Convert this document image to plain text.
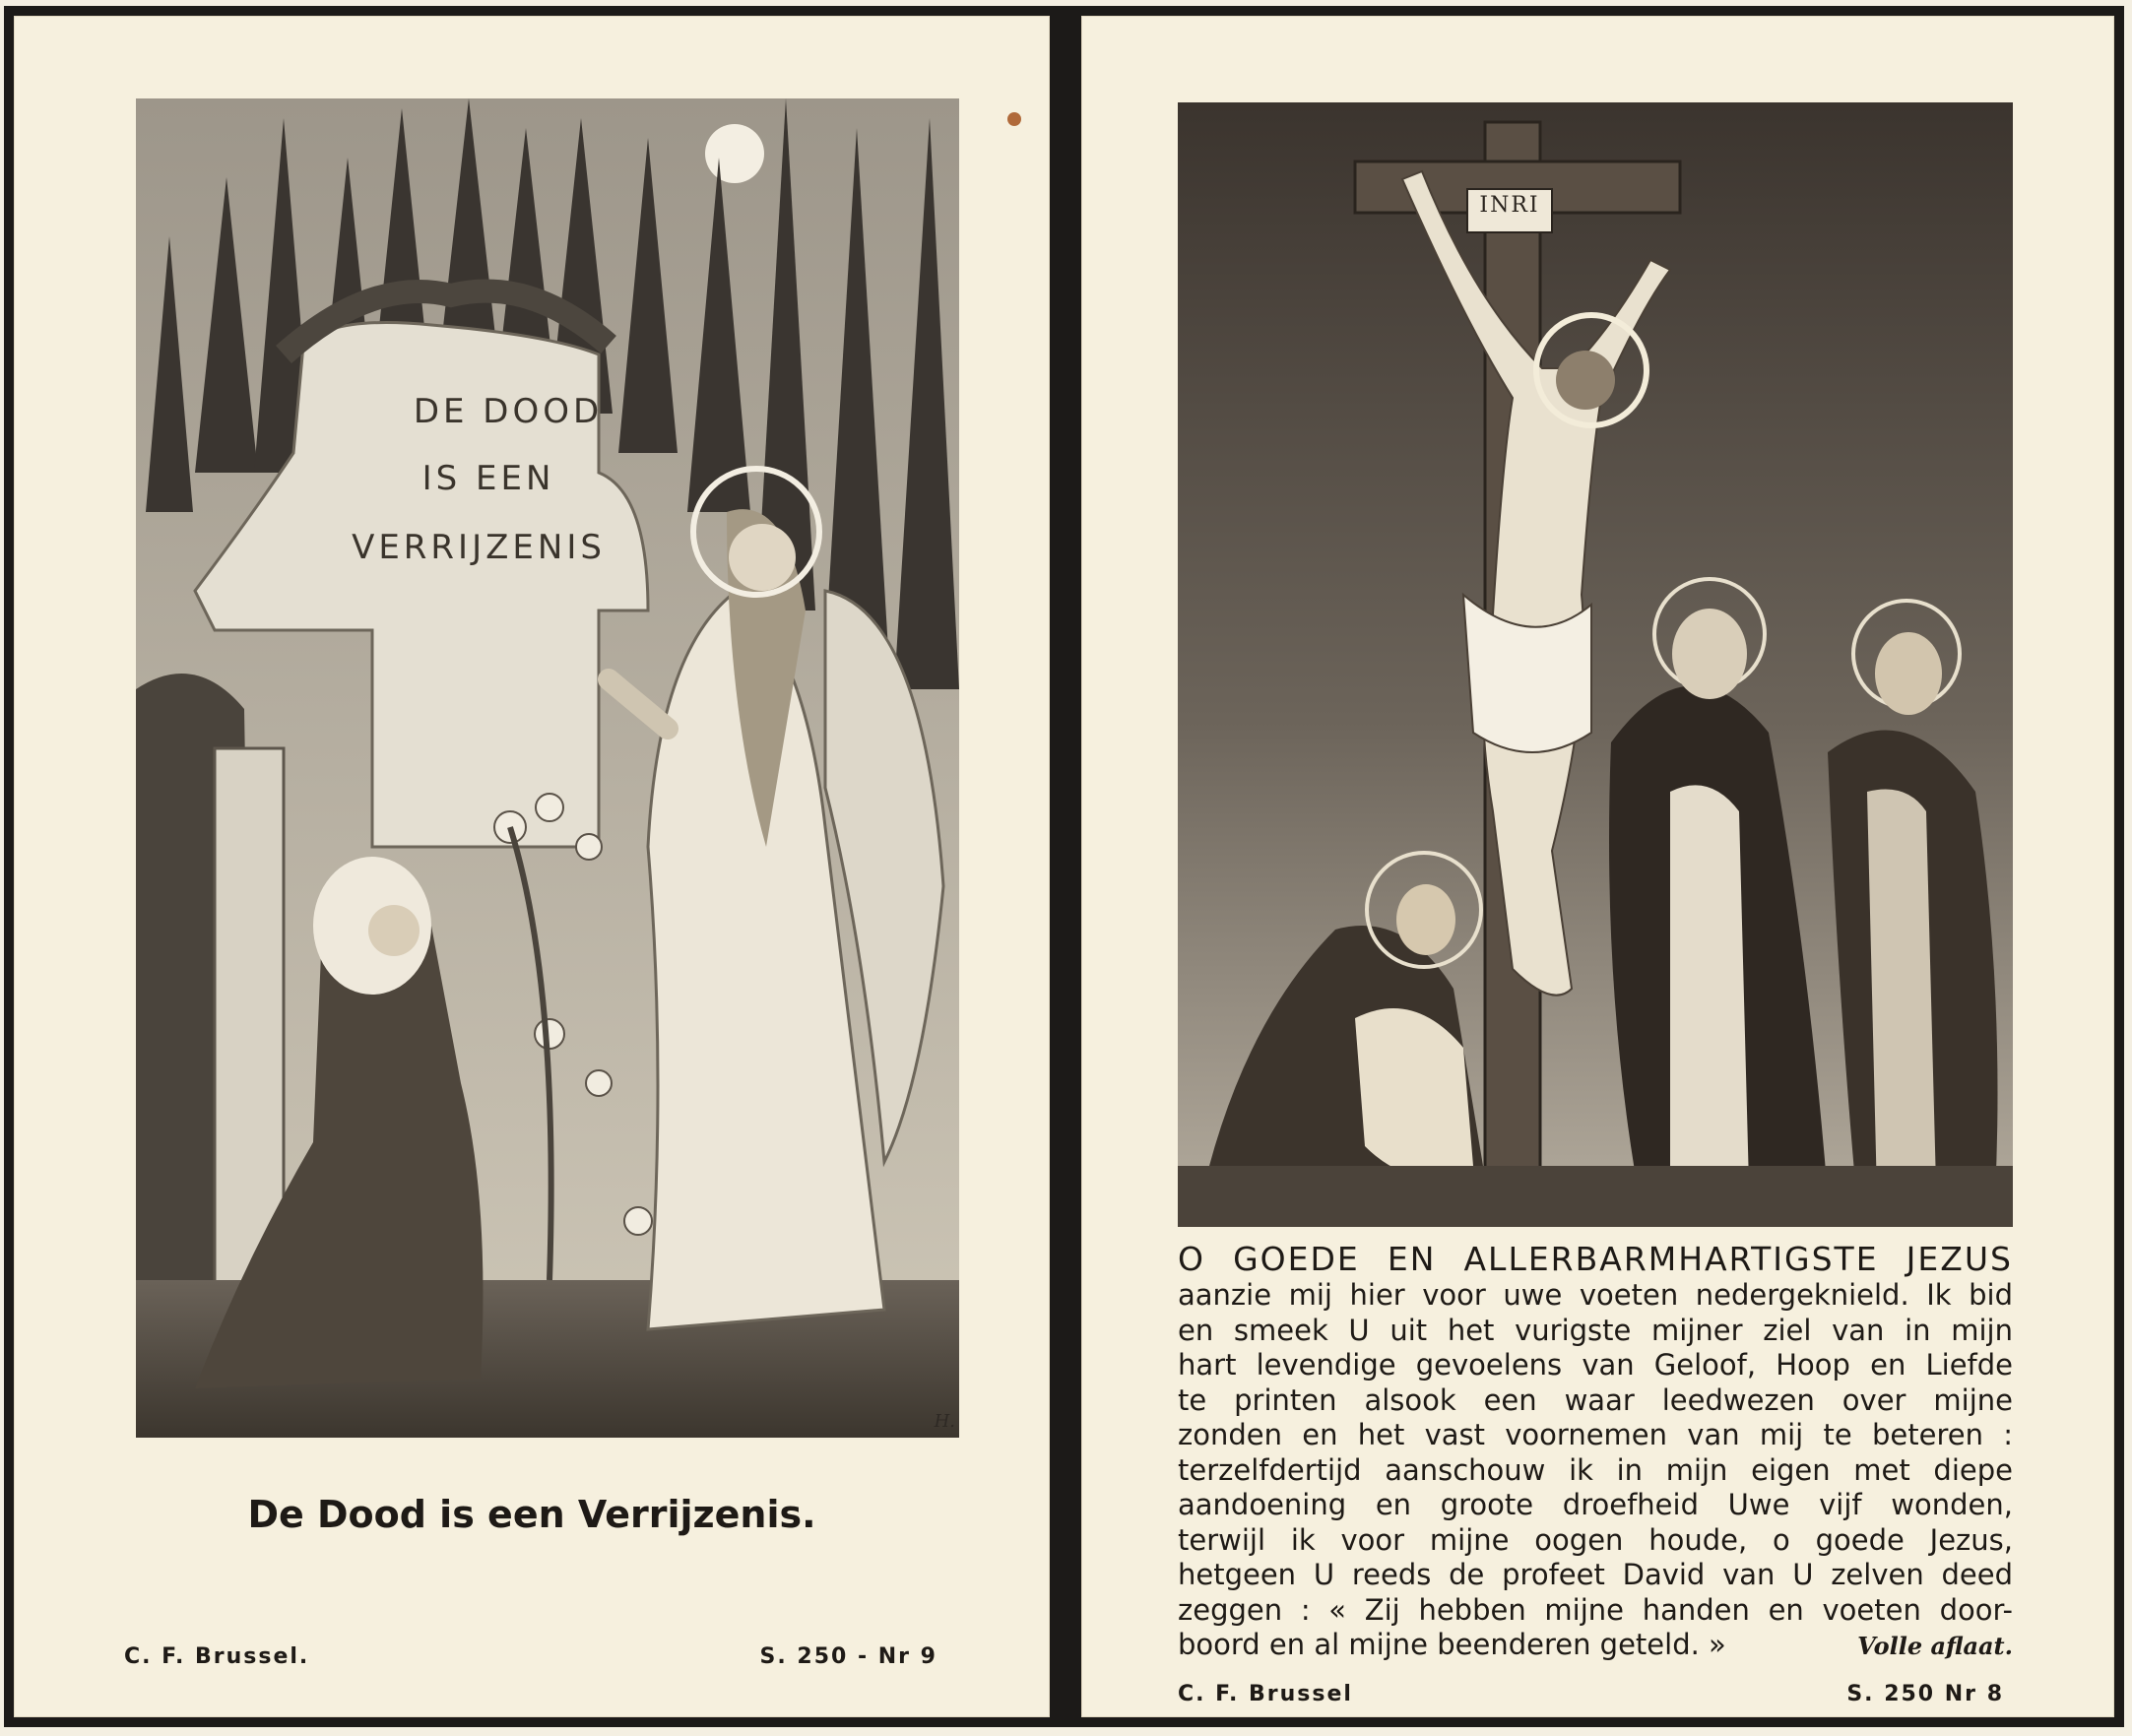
DE DOOD
IS EEN
VERRIJZENIS
H.
De Dood is een Verrijzenis.
C. F. Brussel.	S. 250 - Nr 9
INRI
O GOEDE EN ALLERBARMHARTIGSTE JEZUS
aanzie mij hier voor uwe voeten nedergeknield. Ik bid
en smeek U uit het vurigste mijner ziel van in mijn
hart levendige gevoelens van Geloof, Hoop en Liefde
te printen alsook een waar leedwezen over mijne
zonden en het vast voornemen van mij te beteren :
terzelfdertijd aanschouw ik in mijn eigen met diepe
aandoening en groote droefheid Uwe vijf wonden,
terwijl ik voor mijne oogen houde, o goede Jezus,
hetgeen U reeds de profeet David van U zelven deed
zeggen : « Zij hebben mijne handen en voeten door-
boord en al mijne beenderen geteld. »	Volle aflaat.
C. F. Brussel	S. 250 Nr 8
